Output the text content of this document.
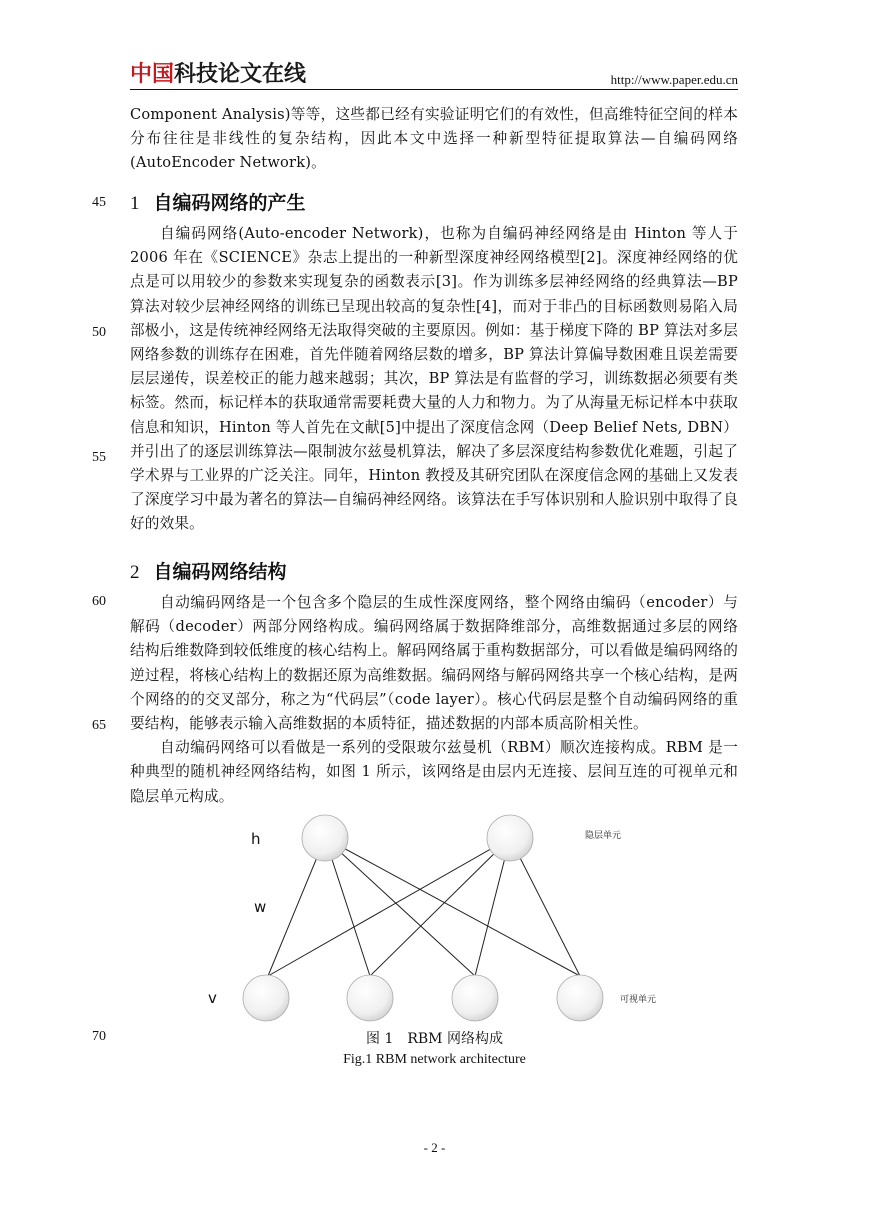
中国科技论文在线	http://www.paper.edu.cn

Component Analysis)等等，这些都已经有实验证明它们的有效性，但高维特征空间的样本分布往往是非线性的复杂结构，因此本文中选择一种新型特征提取算法—自编码网络(AutoEncoder Network)。

45
50
55
60
65
70
1 自编码网络的产生

自编码网络(Auto-encoder Network)，也称为自编码神经网络是由 Hinton 等人于 2006 年在《SCIENCE》杂志上提出的一种新型深度神经网络模型[2]。深度神经网络的优点是可以用较少的参数来实现复杂的函数表示[3]。作为训练多层神经网络的经典算法—BP 算法对较少层神经网络的训练已呈现出较高的复杂性[4]，而对于非凸的目标函数则易陷入局部极小，这是传统神经网络无法取得突破的主要原因。例如：基于梯度下降的 BP 算法对多层网络参数的训练存在困难，首先伴随着网络层数的增多，BP 算法计算偏导数困难且误差需要层层递传，误差校正的能力越来越弱；其次，BP 算法是有监督的学习，训练数据必须要有类标签。然而，标记样本的获取通常需要耗费大量的人力和物力。为了从海量无标记样本中获取信息和知识，Hinton 等人首先在文献[5]中提出了深度信念网（Deep Belief Nets, DBN）并引出了的逐层训练算法—限制波尔兹曼机算法，解决了多层深度结构参数优化难题，引起了学术界与工业界的广泛关注。同年，Hinton 教授及其研究团队在深度信念网的基础上又发表了深度学习中最为著名的算法—自编码神经网络。该算法在手写体识别和人脸识别中取得了良好的效果。

2 自编码网络结构

自动编码网络是一个包含多个隐层的生成性深度网络，整个网络由编码（encoder）与解码（decoder）两部分网络构成。编码网络属于数据降维部分，高维数据通过多层的网络结构后维数降到较低维度的核心结构上。解码网络属于重构数据部分，可以看做是编码网络的逆过程，将核心结构上的数据还原为高维数据。编码网络与解码网络共享一个核心结构，是两个网络的的交叉部分，称之为“代码层”（code layer）。核心代码层是整个自动编码网络的重要结构，能够表示输入高维数据的本质特征，描述数据的内部本质高阶相关性。

自动编码网络可以看做是一系列的受限玻尔兹曼机（RBM）顺次连接构成。RBM 是一种典型的随机神经网络结构，如图 1 所示，该网络是由层内无连接、层间互连的可视单元和隐层单元构成。

h
w
v
隐层单元
可视单元
图 1　RBM 网络构成
Fig.1 RBM network architecture
- 2 -
